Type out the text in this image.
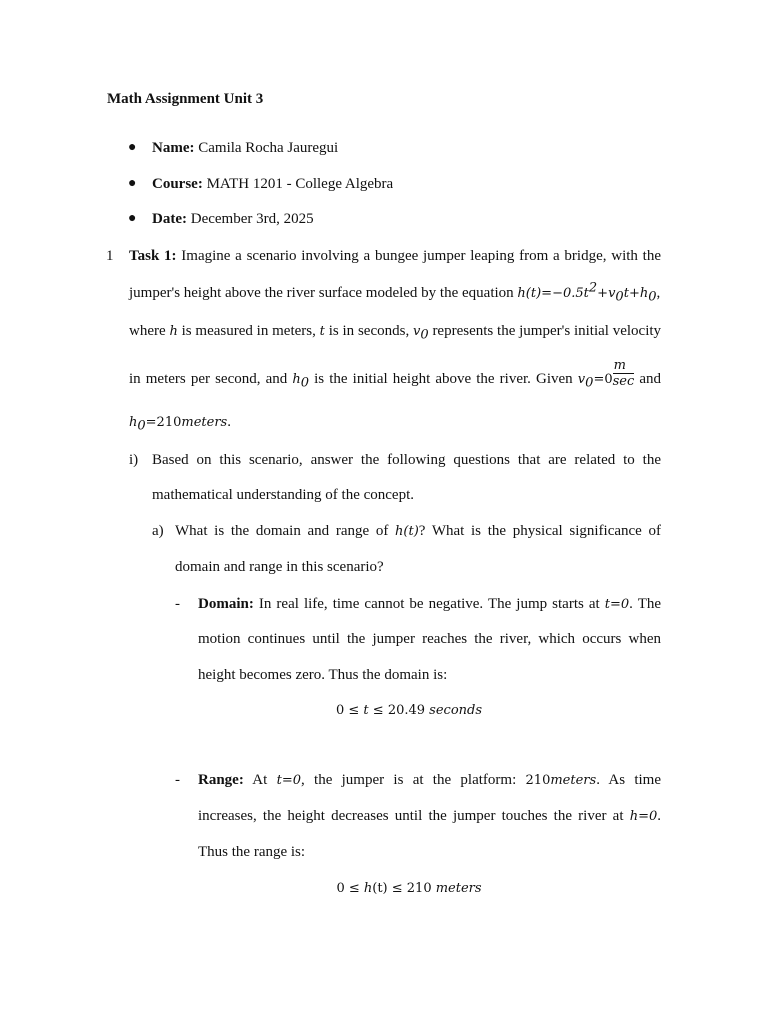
Math Assignment Unit 3
● Name: Camila Rocha Jauregui
● Course: MATH 1201 - College Algebra
● Date: December 3rd, 2025
1 Task 1: Imagine a scenario involving a bungee jumper leaping from a bridge, with the
jumper's height above the river surface modeled by the equation $h(t)=-0.5t^2+v_0t+h_0$,
where h is measured in meters, t is in seconds, $v_0$ represents the jumper's initial velocity
in meters per second, and $h_0$ is the initial height above the river. Given $v_0=0 \frac{m}{\sec}$ and
$h_0=210meters$.
i) Based on this scenario, answer the following questions that are related to the
mathematical understanding of the concept.
a) What is the domain and range of h(t)? What is the physical significance of
domain and range in this scenario?
- Domain: In real life, time cannot be negative. The jump starts at t=0. The
motion continues until the jumper reaches the river, which occurs when
height becomes zero. Thus the domain is:
0 ≤ t ≤ 20.49 seconds
- Range: At t=0, the jumper is at the platform: 210meters. As time
increases, the height decreases until the jumper touches the river at h=0.
Thus the range is:
0 ≤ h(t) ≤ 210 meters
